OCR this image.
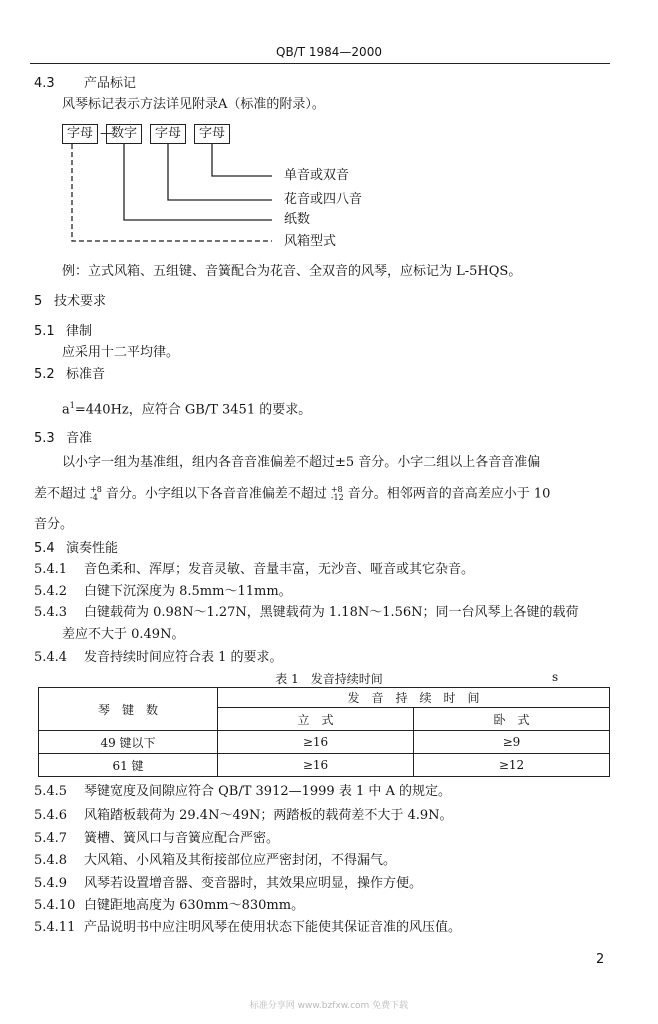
QB/T 1984—2000
4.3 产品标记
风琴标记表示方法详见附录A（标准的附录）。
字母 —
数字	字母	字母
单音或双音
花音或四八音
纸数
风箱型式
例：立式风箱、五组键、音簧配合为花音、全双音的风琴，应标记为 L-5HQS。
5 技术要求
5.1 律制
应采用十二平均律。
5.2 标准音
$a^1=440Hz$，应符合 GB/T 3451 的要求。
5.3 音准
以小字一组为基准组，组内各音音准偏差不超过±5 音分。小字二组以上各音音准偏
差不超过 +8
-4 音分。小字组以下各音音准偏差不超过 +8
-12 音分。相邻两音的音高差应小于 10
音分。
5.4 演奏性能
5.4.1 音色柔和、浑厚；发音灵敏、音量丰富，无沙音、哑音或其它杂音。
5.4.2 白键下沉深度为 8.5mm～11mm。
5.4.3 白键载荷为 0.98N～1.27N，黑键载荷为 1.18N～1.56N；同一台风琴上各键的载荷
差应不大于 0.49N。
5.4.4 发音持续时间应符合表 1 的要求。
表 1　发音持续时间	s
琴　键　数	发　音　持　续　时　间	
	立　式	卧　式
49 键以下	≥16	≥9
61 键	≥16	≥12
5.4.5 琴键宽度及间隙应符合 QB/T 3912—1999 表 1 中 A 的规定。
5.4.6 风箱踏板载荷为 29.4N～49N；两踏板的载荷差不大于 4.9N。
5.4.7 簧槽、簧风口与音簧应配合严密。
5.4.8 大风箱、小风箱及其衔接部位应严密封闭，不得漏气。
5.4.9 风琴若设置增音器、变音器时，其效果应明显，操作方便。
5.4.10 白键距地高度为 630mm～830mm。
5.4.11 产品说明书中应注明风琴在使用状态下能使其保证音准的风压值。
2
标准分享网 www.bzfxw.com 免费下载
